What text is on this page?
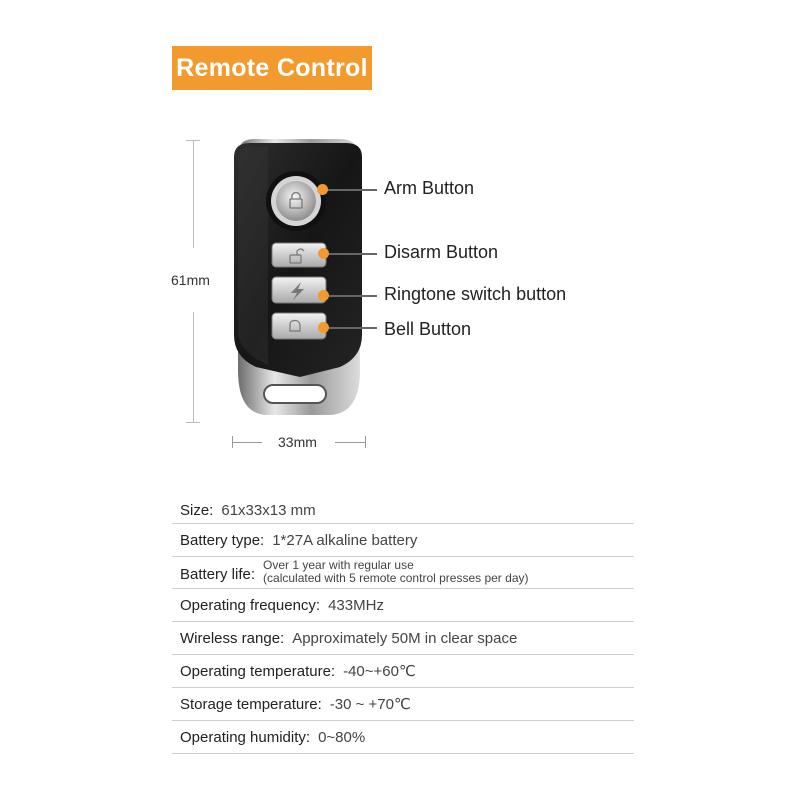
Remote Control
61mm
33mm
Arm Button
Disarm Button
Ringtone switch button
Bell Button
Size: 61x33x13 mm
Battery type: 1*27A alkaline battery
Battery life:
Over 1 year with regular use
(calculated with 5 remote control presses per day)
Operating frequency: 433MHz
Wireless range: Approximately 50M in clear space
Operating temperature: -40~+60℃
Storage temperature: -30 ~ +70℃
Operating humidity: 0~80%
